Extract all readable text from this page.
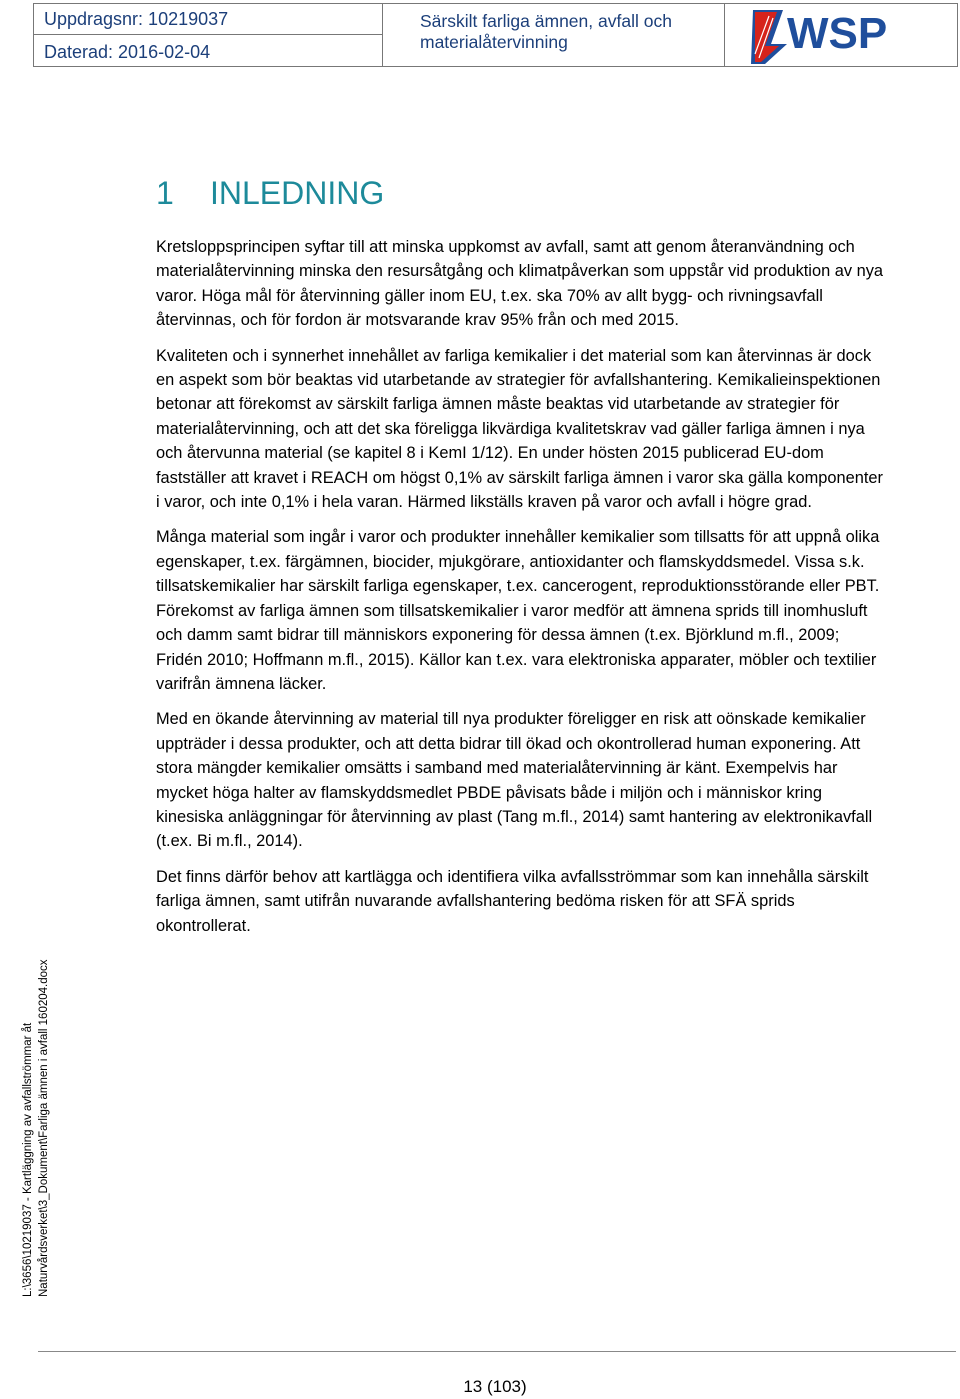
Uppdragsnr: 10219037
Daterad: 2016-02-04
Särskilt farliga ämnen, avfall och materialåtervinning	WSP
L:\3656\10219037 - Kartläggning av avfallströmmar åt Naturvårdsverket\3_Dokument\Farliga ämnen i avfall 160204.docx
1 INLEDNING

Kretsloppsprincipen syftar till att minska uppkomst av avfall, samt att genom återanvändning och materialåtervinning minska den resursåtgång och klimatpåverkan som uppstår vid produktion av nya varor. Höga mål för återvinning gäller inom EU, t.ex. ska 70% av allt bygg- och rivningsavfall återvinnas, och för fordon är motsvarande krav 95% från och med 2015.

Kvaliteten och i synnerhet innehållet av farliga kemikalier i det material som kan återvinnas är dock en aspekt som bör beaktas vid utarbetande av strategier för avfallshantering. Kemikalieinspektionen betonar att förekomst av särskilt farliga ämnen måste beaktas vid utarbetande av strategier för materialåtervinning, och att det ska föreligga likvärdiga kvalitetskrav vad gäller farliga ämnen i nya och återvunna material (se kapitel 8 i KemI 1/12). En under hösten 2015 publicerad EU-dom fastställer att kravet i REACH om högst 0,1% av särskilt farliga ämnen i varor ska gälla komponenter i varor, och inte 0,1% i hela varan. Härmed likställs kraven på varor och avfall i högre grad.

Många material som ingår i varor och produkter innehåller kemikalier som tillsatts för att uppnå olika egenskaper, t.ex. färgämnen, biocider, mjukgörare, antioxidanter och flamskyddsmedel. Vissa s.k. tillsatskemikalier har särskilt farliga egenskaper, t.ex. cancerogent, reproduktionsstörande eller PBT. Förekomst av farliga ämnen som tillsatskemikalier i varor medför att ämnena sprids till inomhusluft och damm samt bidrar till människors exponering för dessa ämnen (t.ex. Björklund m.fl., 2009; Fridén 2010; Hoffmann m.fl., 2015). Källor kan t.ex. vara elektroniska apparater, möbler och textilier varifrån ämnena läcker.

Med en ökande återvinning av material till nya produkter föreligger en risk att oönskade kemikalier uppträder i dessa produkter, och att detta bidrar till ökad och okontrollerad human exponering. Att stora mängder kemikalier omsätts i samband med materialåtervinning är känt. Exempelvis har mycket höga halter av flamskyddsmedlet PBDE påvisats både i miljön och i människor kring kinesiska anläggningar för återvinning av plast (Tang m.fl., 2014) samt hantering av elektronikavfall (t.ex. Bi m.fl., 2014).

Det finns därför behov att kartlägga och identifiera vilka avfallsströmmar som kan innehålla särskilt farliga ämnen, samt utifrån nuvarande avfallshantering bedöma risken för att SFÄ sprids okontrollerat.

13 (103)
